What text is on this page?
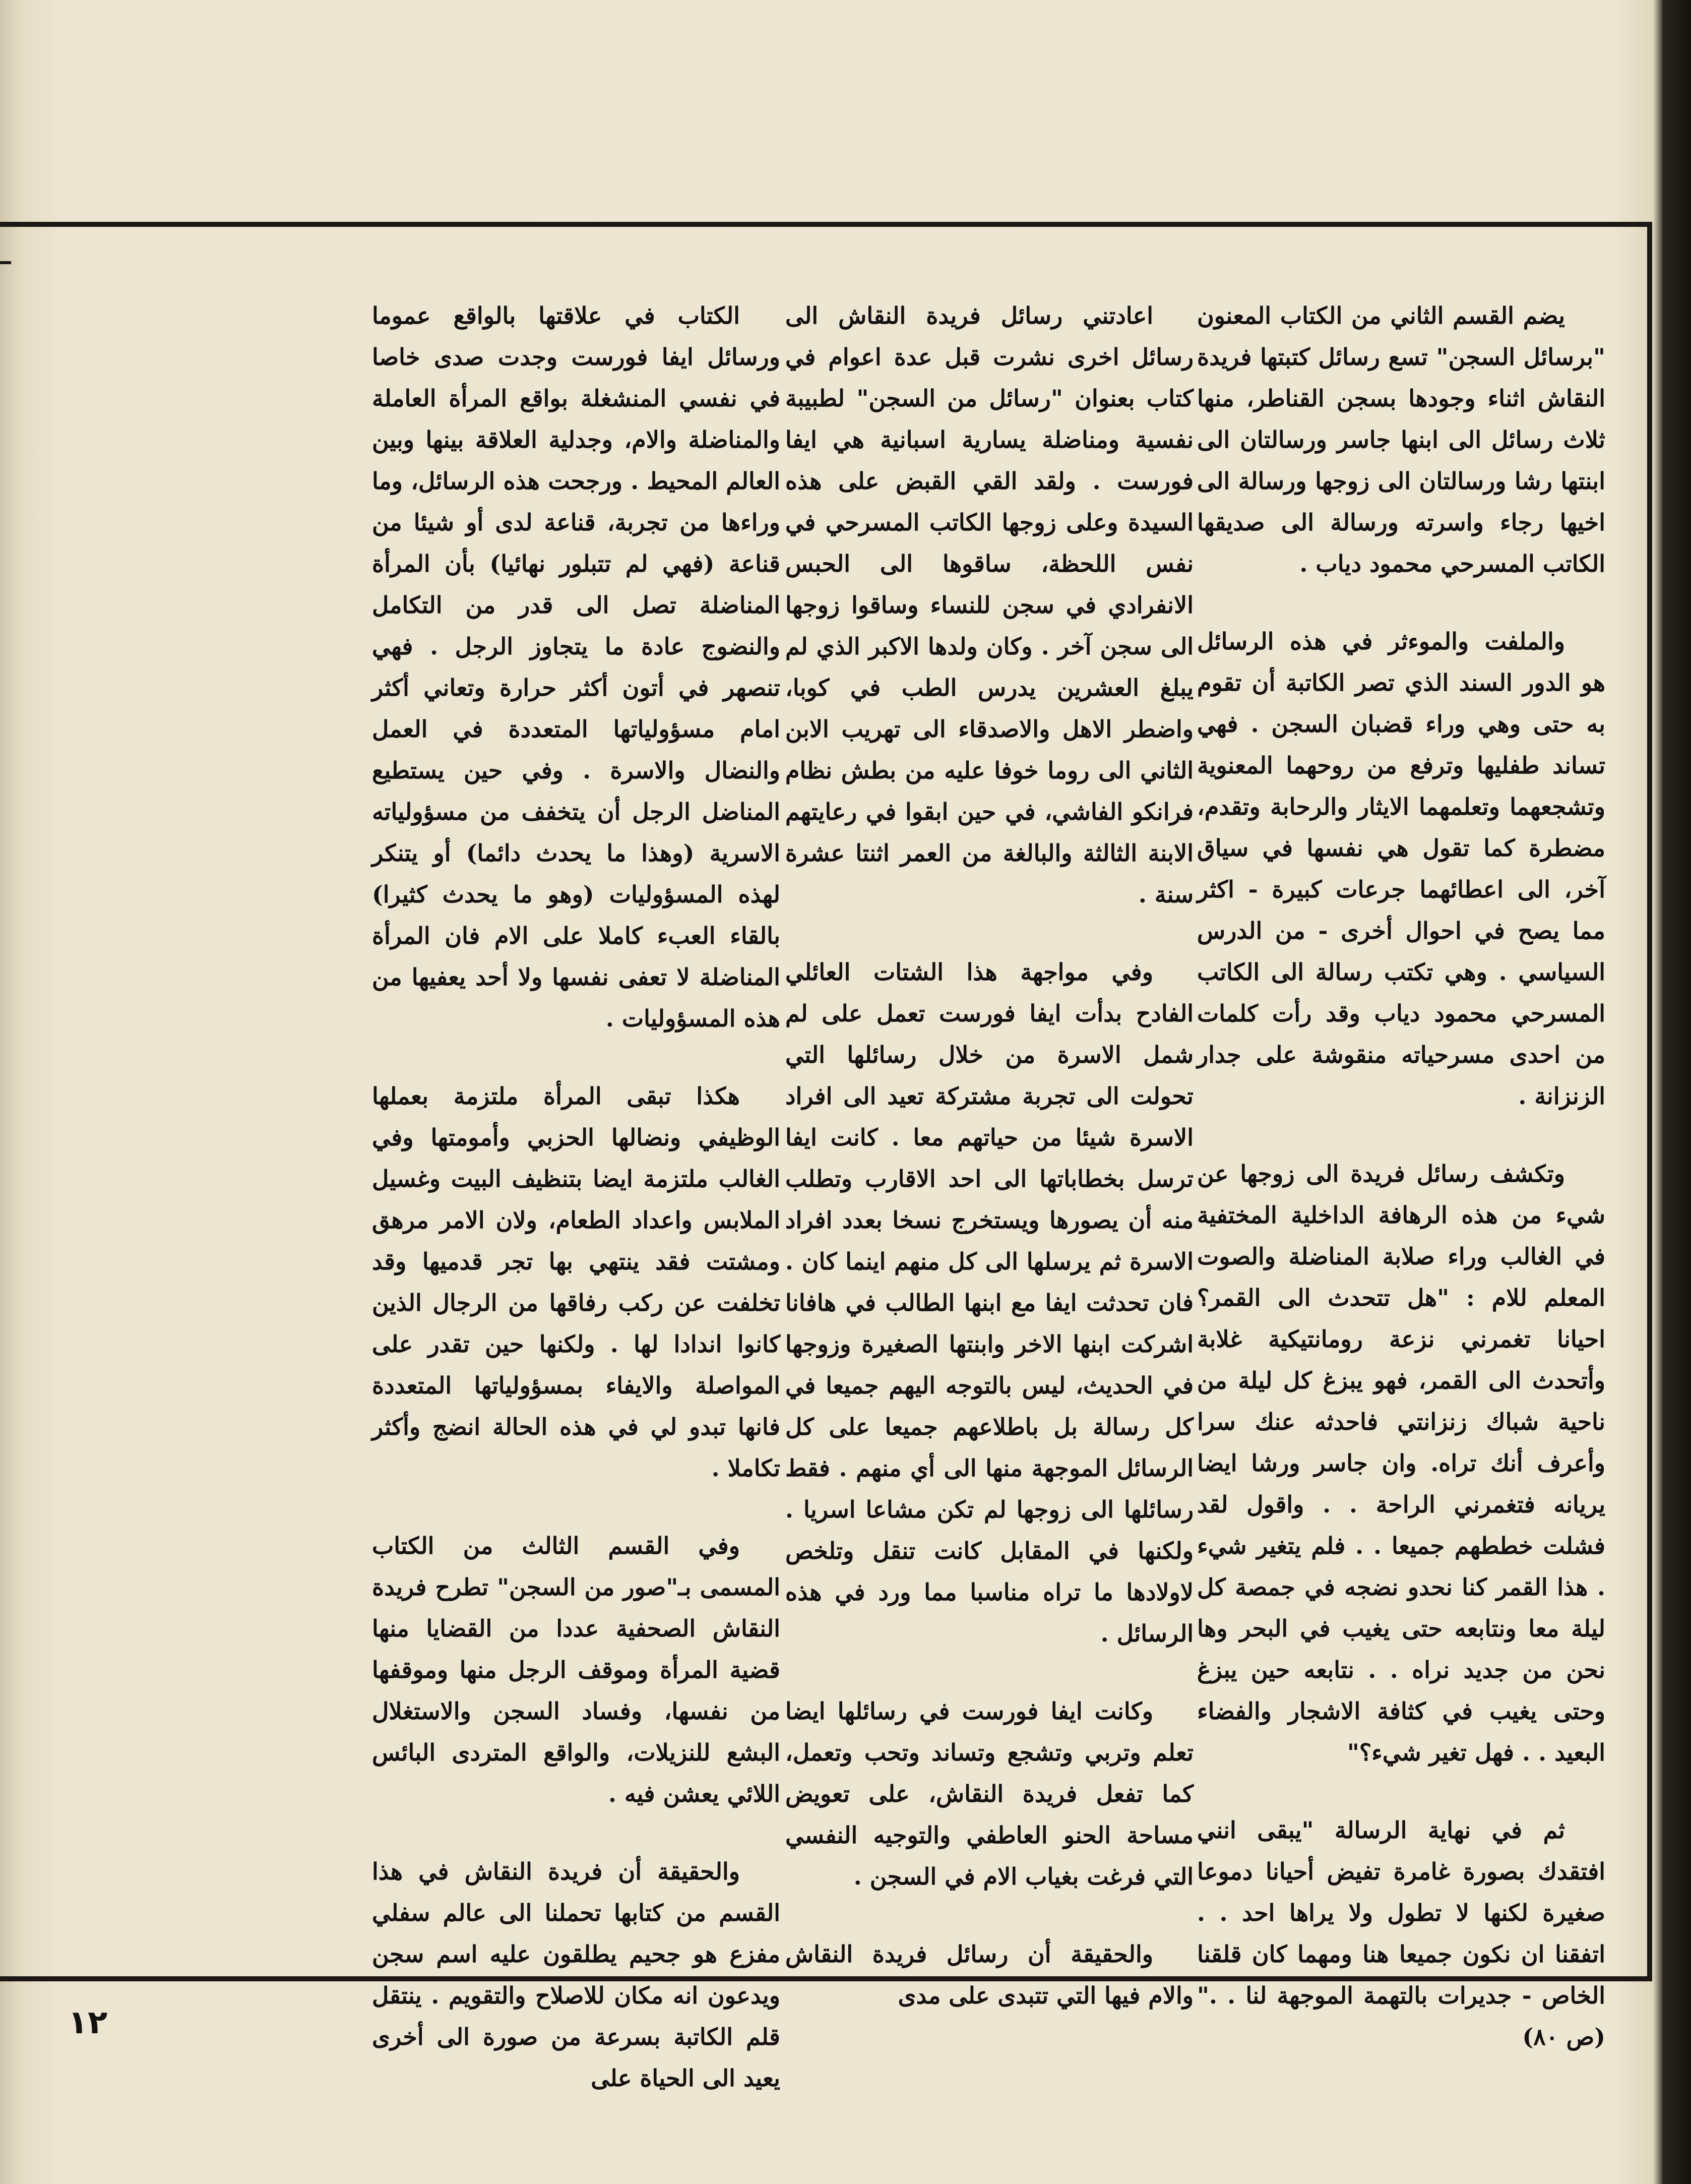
يضم القسم الثاني من الكتاب المعنون "برسائل السجن" تسع رسائل كتبتها فريدة النقاش اثناء وجودها بسجن القناطر، منها ثلاث رسائل الى ابنها جاسر ورسالتان الى ابنتها رشا ورسالتان الى زوجها ورسالة الى اخيها رجاء واسرته ورسالة الى صديقها الكاتب المسرحي محمود دياب .

والملفت والموءثر في هذه الرسائل هو الدور السند الذي تصر الكاتبة أن تقوم به حتى وهي وراء قضبان السجن . فهي تساند طفليها وترفع من روحهما المعنوية وتشجعهما وتعلمهما الايثار والرحابة وتقدم، مضطرة كما تقول هي نفسها في سياق آخر، الى اعطائهما جرعات كبيرة - اكثر مما يصح في احوال أخرى - من الدرس السياسي . وهي تكتب رسالة الى الكاتب المسرحي محمود دياب وقد رأت كلمات من احدى مسرحياته منقوشة على جدار الزنزانة .

وتكشف رسائل فريدة الى زوجها عن شيء من هذه الرهافة الداخلية المختفية في الغالب وراء صلابة المناضلة والصوت المعلم للام : "هل تتحدث الى القمر؟ احيانا تغمرني نزعة رومانتيكية غلابة وأتحدث الى القمر، فهو يبزغ كل ليلة من ناحية شباك زنزانتي فاحدثه عنك سرا وأعرف أنك تراه. وان جاسر ورشا ايضا يريانه فتغمرني الراحة . . واقول لقد فشلت خططهم جميعا . . فلم يتغير شيء . هذا القمر كنا نحدو نضجه في جمصة كل ليلة معا ونتابعه حتى يغيب في البحر وها نحن من جديد نراه . . نتابعه حين يبزغ وحتى يغيب في كثافة الاشجار والفضاء البعيد . . فهل تغير شيء؟"

ثم في نهاية الرسالة "يبقى انني افتقدك بصورة غامرة تفيض أحيانا دموعا صغيرة لكنها لا تطول ولا يراها احد . . اتفقنا ان نكون جميعا هنا ومهما كان قلقنا الخاص - جديرات بالتهمة الموجهة لنا . ." (ص ٨٠)

اعادتني رسائل فريدة النقاش الى رسائل اخرى نشرت قبل عدة اعوام في كتاب بعنوان "رسائل من السجن" لطبيبة نفسية ومناضلة يسارية اسبانية هي ايفا فورست . ولقد القي القبض على هذه السيدة وعلى زوجها الكاتب المسرحي في نفس اللحظة، ساقوها الى الحبس الانفرادي في سجن للنساء وساقوا زوجها الى سجن آخر . وكان ولدها الاكبر الذي لم يبلغ العشرين يدرس الطب في كوبا، واضطر الاهل والاصدقاء الى تهريب الابن الثاني الى روما خوفا عليه من بطش نظام فرانكو الفاشي، في حين ابقوا في رعايتهم الابنة الثالثة والبالغة من العمر اثنتا عشرة سنة .

وفي مواجهة هذا الشتات العائلي الفادح بدأت ايفا فورست تعمل على لم شمل الاسرة من خلال رسائلها التي تحولت الى تجربة مشتركة تعيد الى افراد الاسرة شيئا من حياتهم معا . كانت ايفا ترسل بخطاباتها الى احد الاقارب وتطلب منه أن يصورها ويستخرج نسخا بعدد افراد الاسرة ثم يرسلها الى كل منهم اينما كان . فان تحدثت ايفا مع ابنها الطالب في هافانا اشركت ابنها الاخر وابنتها الصغيرة وزوجها في الحديث، ليس بالتوجه اليهم جميعا في كل رسالة بل باطلاعهم جميعا على كل الرسائل الموجهة منها الى أي منهم . فقط رسائلها الى زوجها لم تكن مشاعا اسريا . ولكنها في المقابل كانت تنقل وتلخص لاولادها ما تراه مناسبا مما ورد في هذه الرسائل .

وكانت ايفا فورست في رسائلها ايضا تعلم وتربي وتشجع وتساند وتحب وتعمل، كما تفعل فريدة النقاش، على تعويض مساحة الحنو العاطفي والتوجيه النفسي التي فرغت بغياب الام في السجن .

والحقيقة أن رسائل فريدة النقاش والام فيها التي تتبدى على مدى

الكتاب في علاقتها بالواقع عموما ورسائل ايفا فورست وجدت صدى خاصا في نفسي المنشغلة بواقع المرأة العاملة والمناضلة والام، وجدلية العلاقة بينها وبين العالم المحيط . ورجحت هذه الرسائل، وما وراءها من تجربة، قناعة لدى أو شيئا من قناعة (فهي لم تتبلور نهائيا) بأن المرأة المناضلة تصل الى قدر من التكامل والنضوج عادة ما يتجاوز الرجل . فهي تنصهر في أتون أكثر حرارة وتعاني أكثر امام مسؤولياتها المتعددة في العمل والنضال والاسرة . وفي حين يستطيع المناضل الرجل أن يتخفف من مسؤولياته الاسرية (وهذا ما يحدث دائما) أو يتنكر لهذه المسؤوليات (وهو ما يحدث كثيرا) بالقاء العبء كاملا على الام فان المرأة المناضلة لا تعفى نفسها ولا أحد يعفيها من هذه المسؤوليات .

هكذا تبقى المرأة ملتزمة بعملها الوظيفي ونضالها الحزبي وأمومتها وفي الغالب ملتزمة ايضا بتنظيف البيت وغسيل الملابس واعداد الطعام، ولان الامر مرهق ومشتت فقد ينتهي بها تجر قدميها وقد تخلفت عن ركب رفاقها من الرجال الذين كانوا اندادا لها . ولكنها حين تقدر على المواصلة والايفاء بمسؤولياتها المتعددة فانها تبدو لي في هذه الحالة انضج وأكثر تكاملا .

وفي القسم الثالث من الكتاب المسمى بـ"صور من السجن" تطرح فريدة النقاش الصحفية عددا من القضايا منها قضية المرأة وموقف الرجل منها وموقفها من نفسها، وفساد السجن والاستغلال البشع للنزيلات، والواقع المتردى البائس اللائي يعشن فيه .

والحقيقة أن فريدة النقاش في هذا القسم من كتابها تحملنا الى عالم سفلي مفزع هو جحيم يطلقون عليه اسم سجن ويدعون انه مكان للاصلاح والتقويم . ينتقل قلم الكاتبة بسرعة من صورة الى أخرى يعيد الى الحياة على

١٢
